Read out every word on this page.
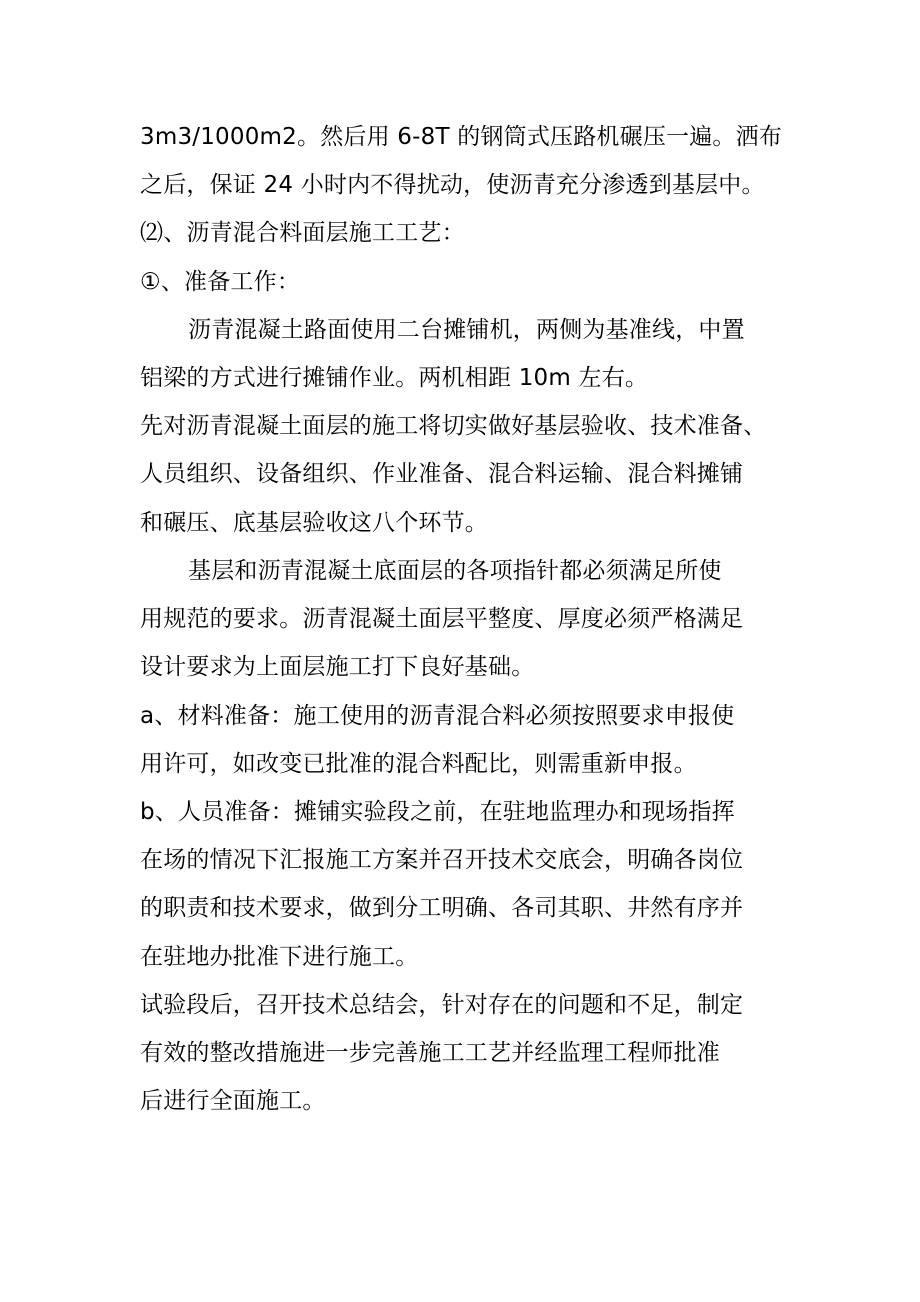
3m3/1000m2。然后用 6-8T 的钢筒式压路机碾压一遍。洒布
之后，保证 24 小时内不得扰动，使沥青充分渗透到基层中。
⑵、沥青混合料面层施工工艺：
①、准备工作：
沥青混凝土路面使用二台摊铺机，两侧为基准线，中置
铝梁的方式进行摊铺作业。两机相距 10m 左右。
先对沥青混凝土面层的施工将切实做好基层验收、技术准备、
人员组织、设备组织、作业准备、混合料运输、混合料摊铺
和碾压、底基层验收这八个环节。
基层和沥青混凝土底面层的各项指针都必须满足所使
用规范的要求。沥青混凝土面层平整度、厚度必须严格满足
设计要求为上面层施工打下良好基础。
a、材料准备：施工使用的沥青混合料必须按照要求申报使
用许可，如改变已批准的混合料配比，则需重新申报。
b、人员准备：摊铺实验段之前，在驻地监理办和现场指挥
在场的情况下汇报施工方案并召开技术交底会，明确各岗位
的职责和技术要求，做到分工明确、各司其职、井然有序并
在驻地办批准下进行施工。
试验段后，召开技术总结会，针对存在的问题和不足，制定
有效的整改措施进一步完善施工工艺并经监理工程师批准
后进行全面施工。
